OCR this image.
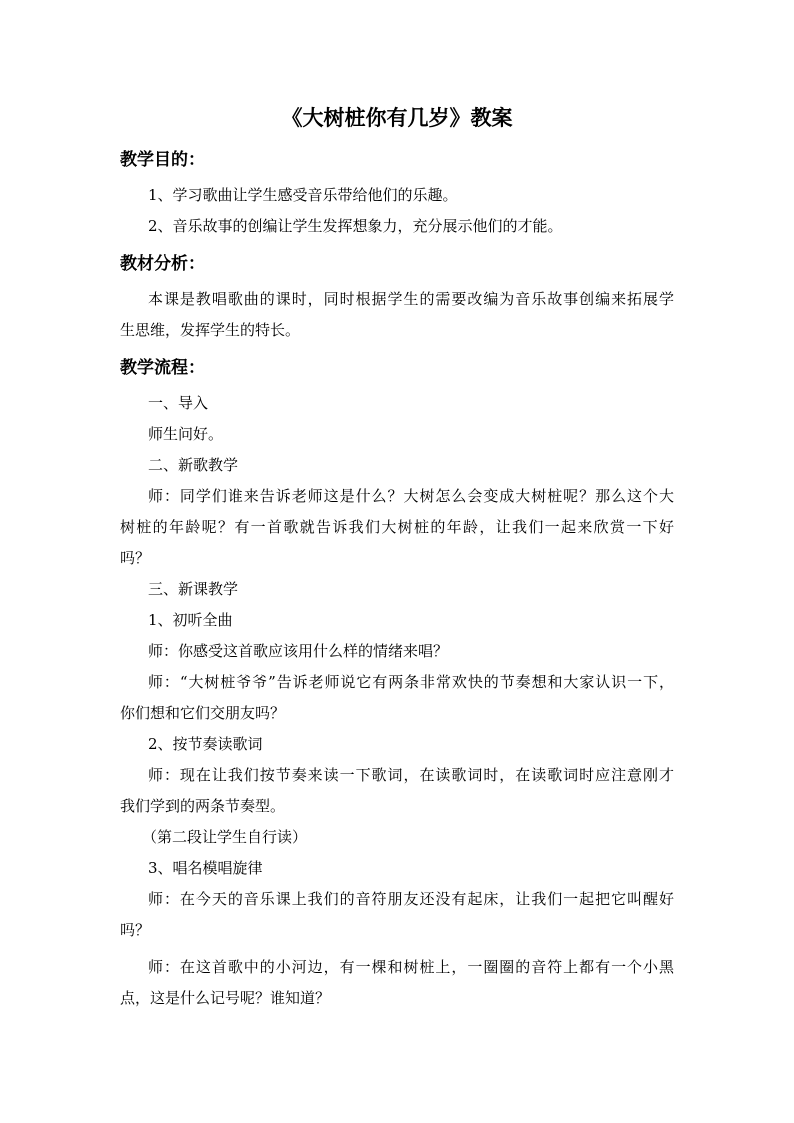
《大树桩你有几岁》教案
教学目的：
1、学习歌曲让学生感受音乐带给他们的乐趣。
2、音乐故事的创编让学生发挥想象力，充分展示他们的才能。
教材分析：
本课是教唱歌曲的课时，同时根据学生的需要改编为音乐故事创编来拓展学
生思维，发挥学生的特长。
教学流程：
一、导入
师生问好。
二、新歌教学
师：同学们谁来告诉老师这是什么？大树怎么会变成大树桩呢？那么这个大
树桩的年龄呢？有一首歌就告诉我们大树桩的年龄，让我们一起来欣赏一下好
吗？
三、新课教学
1、初听全曲
师：你感受这首歌应该用什么样的情绪来唱？
师：“大树桩爷爷”告诉老师说它有两条非常欢快的节奏想和大家认识一下，
你们想和它们交朋友吗？
2、按节奏读歌词
师：现在让我们按节奏来读一下歌词，在读歌词时，在读歌词时应注意刚才
我们学到的两条节奏型。
（第二段让学生自行读）
3、唱名模唱旋律
师：在今天的音乐课上我们的音符朋友还没有起床，让我们一起把它叫醒好
吗？
师：在这首歌中的小河边，有一棵和树桩上，一圈圈的音符上都有一个小黑
点，这是什么记号呢？谁知道？
